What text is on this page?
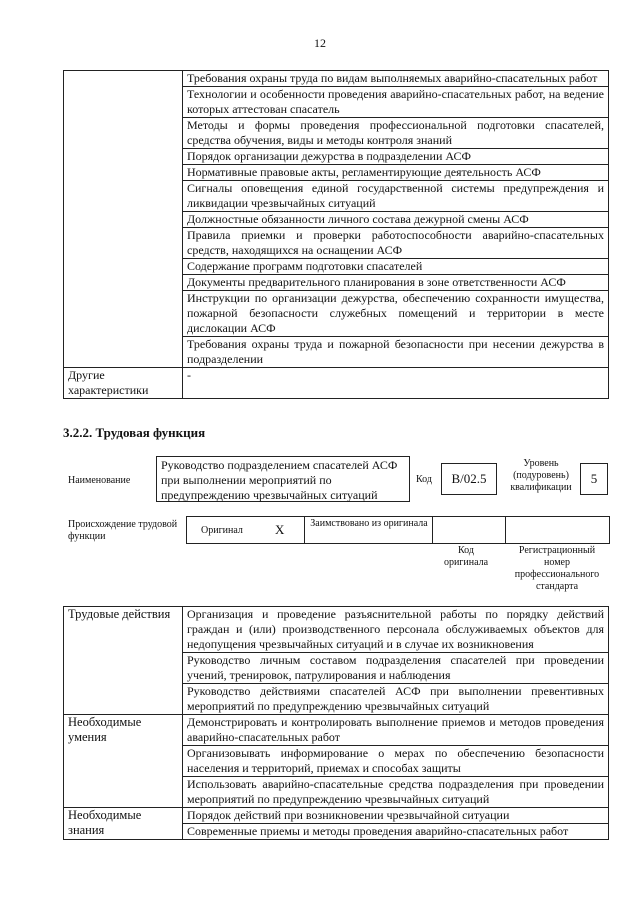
12
	Требования охраны труда по видам выполняемых аварийно-спасательных работ
	Технологии и особенности проведения аварийно-спасательных работ, на ведение которых аттестован спасатель
	Методы и формы проведения профессиональной подготовки спасателей, средства обучения, виды и методы контроля знаний
	Порядок организации дежурства в подразделении АСФ
	Нормативные правовые акты, регламентирующие деятельность АСФ
	Сигналы оповещения единой государственной системы предупреждения и ликвидации чрезвычайных ситуаций
	Должностные обязанности личного состава дежурной смены АСФ
	Правила приемки и проверки работоспособности аварийно-спасательных средств, находящихся на оснащении АСФ
	Содержание программ подготовки спасателей
	Документы предварительного планирования в зоне ответственности АСФ
	Инструкции по организации дежурства, обеспечению сохранности имущества, пожарной безопасности служебных помещений и территории в месте дислокации АСФ
	Требования охраны труда и пожарной безопасности при несении дежурства в подразделении
Другие характеристики	-
3.2.2. Трудовая функция
Наименование
Руководство подразделением спасателей АСФ при выполнении мероприятий по предупреждению чрезвычайных ситуаций
Код	B/02.5
Уровень (подуровень) квалификации
5
Происхождение трудовой функции
Оригинал X	Заимствовано из оригинала
Код оригинала
Регистрационный номер профессионального стандарта
Трудовые действия	Организация и проведение разъяснительной работы по порядку действий граждан и (или) производственного персонала обслуживаемых объектов для недопущения чрезвычайных ситуаций и в случае их возникновения
	Руководство личным составом подразделения спасателей при проведении учений, тренировок, патрулирования и наблюдения
	Руководство действиями спасателей АСФ при выполнении превентивных мероприятий по предупреждению чрезвычайных ситуаций
Необходимые умения	Демонстрировать и контролировать выполнение приемов и методов проведения аварийно-спасательных работ
	Организовывать информирование о мерах по обеспечению безопасности населения и территорий, приемах и способах защиты
	Использовать аварийно-спасательные средства подразделения при проведении мероприятий по предупреждению чрезвычайных ситуаций
Необходимые знания	Порядок действий при возникновении чрезвычайной ситуации
	Современные приемы и методы проведения аварийно-спасательных работ
